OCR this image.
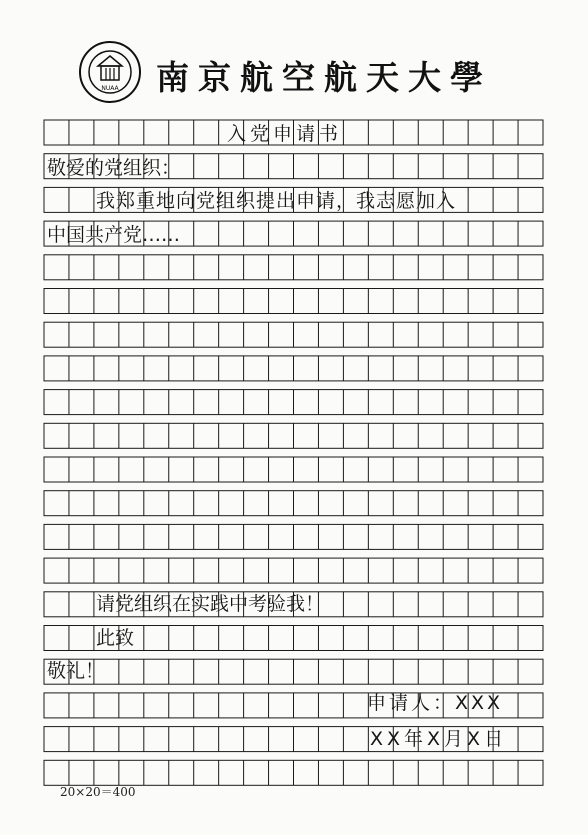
NUAA 南京航空航天大學
入党申请书
敬爱的党组织：
我郑重地向党组织提出申请，我志愿加入
中国共产党……
请党组织在实践中考验我！
此致
敬礼！
申请人：XXX
XX年X月X日
20×20＝400
